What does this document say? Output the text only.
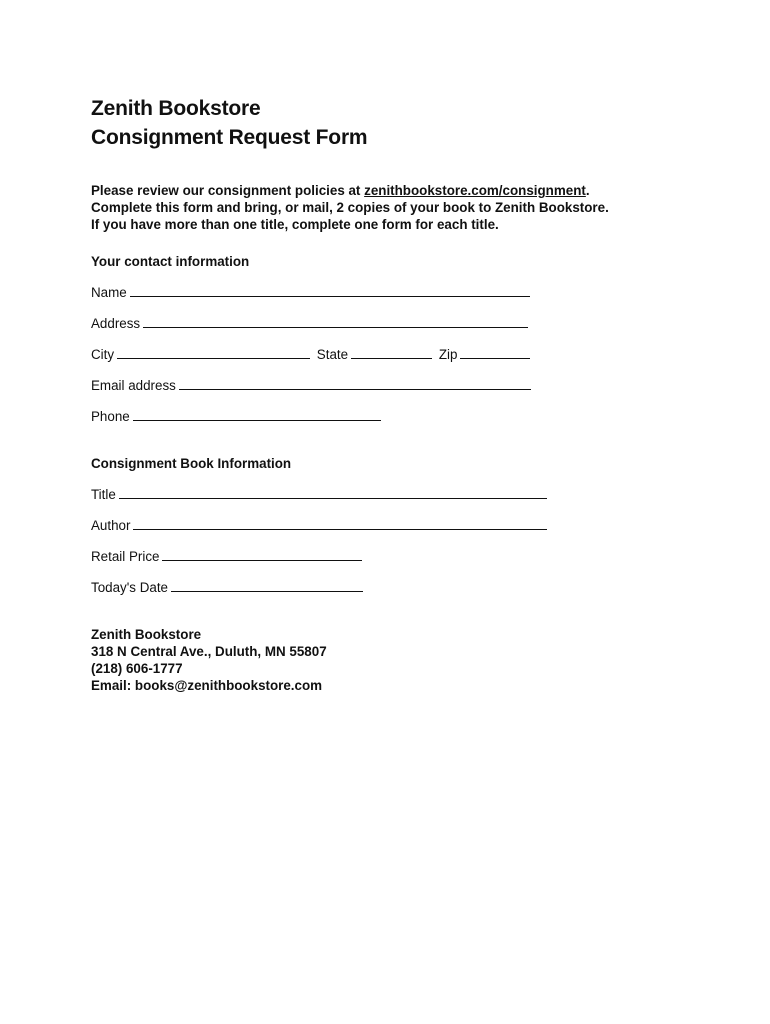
Zenith Bookstore
Consignment Request Form
Please review our consignment policies at zenithbookstore.com/consignment.
Complete this form and bring, or mail, 2 copies of your book to Zenith Bookstore.
If you have more than one title, complete one form for each title.
Your contact information
Name
Address
City	State	Zip
Email address
Phone
Consignment Book Information
Title
Author
Retail Price
Today's Date
Zenith Bookstore
318 N Central Ave., Duluth, MN 55807
(218) 606-1777
Email: books@zenithbookstore.com
